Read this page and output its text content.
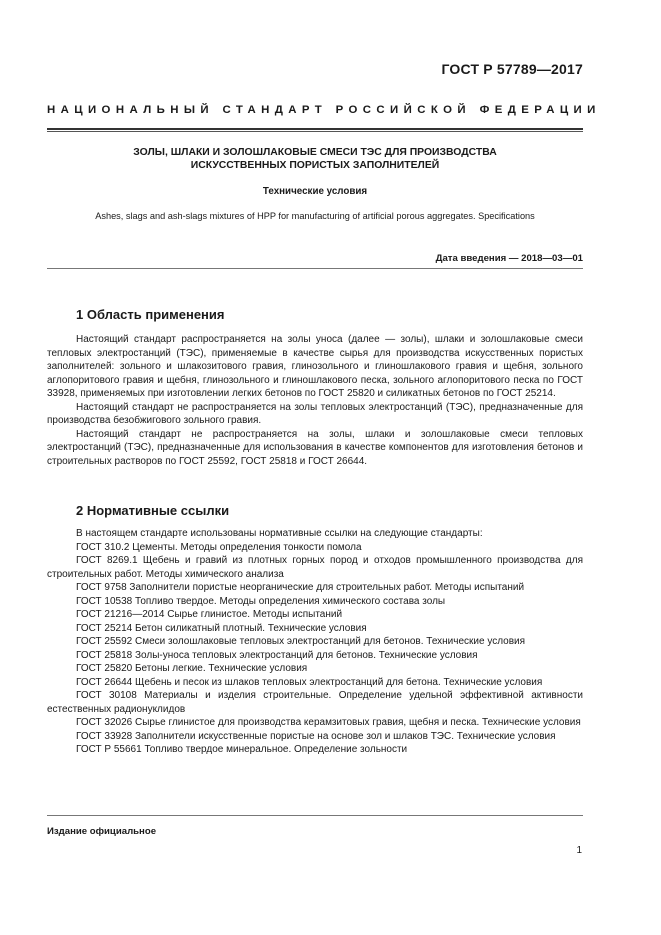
ГОСТ Р 57789—2017
НАЦИОНАЛЬНЫЙ СТАНДАРТ РОССИЙСКОЙ ФЕДЕРАЦИИ
ЗОЛЫ, ШЛАКИ И ЗОЛОШЛАКОВЫЕ СМЕСИ ТЭС ДЛЯ ПРОИЗВОДСТВА
ИСКУССТВЕННЫХ ПОРИСТЫХ ЗАПОЛНИТЕЛЕЙ
Технические условия
Ashes, slags and ash-slags mixtures of HPP for manufacturing of artificial porous aggregates. Specifications
Дата введения — 2018—03—01
1 Область применения

Настоящий стандарт распространяется на золы уноса (далее — золы), шлаки и золошлаковые смеси тепловых электростанций (ТЭС), применяемые в качестве сырья для производства искусственных пористых заполнителей: зольного и шлакозитового гравия, глинозольного и глиношлакового гравия и щебня, зольного аглопоритового гравия и щебня, глинозольного и глиношлакового песка, зольного аглопоритового песка по ГОСТ 33928, применяемых при изготовлении легких бетонов по ГОСТ 25820 и силикатных бетонов по ГОСТ 25214.

Настоящий стандарт не распространяется на золы тепловых электростанций (ТЭС), предназначенные для производства безобжигового зольного гравия.

Настоящий стандарт не распространяется на золы, шлаки и золошлаковые смеси тепловых электростанций (ТЭС), предназначенные для использования в качестве компонентов для изготовления бетонов и строительных растворов по ГОСТ 25592, ГОСТ 25818 и ГОСТ 26644.

2 Нормативные ссылки

В настоящем стандарте использованы нормативные ссылки на следующие стандарты:

ГОСТ 310.2 Цементы. Методы определения тонкости помола

ГОСТ 8269.1 Щебень и гравий из плотных горных пород и отходов промышленного производства для строительных работ. Методы химического анализа

ГОСТ 9758 Заполнители пористые неорганические для строительных работ. Методы испытаний

ГОСТ 10538 Топливо твердое. Методы определения химического состава золы

ГОСТ 21216—2014 Сырье глинистое. Методы испытаний

ГОСТ 25214 Бетон силикатный плотный. Технические условия

ГОСТ 25592 Смеси золошлаковые тепловых электростанций для бетонов. Технические условия

ГОСТ 25818 Золы-уноса тепловых электростанций для бетонов. Технические условия

ГОСТ 25820 Бетоны легкие. Технические условия

ГОСТ 26644 Щебень и песок из шлаков тепловых электростанций для бетона. Технические условия

ГОСТ 30108 Материалы и изделия строительные. Определение удельной эффективной активности естественных радионуклидов

ГОСТ 32026 Сырье глинистое для производства керамзитовых гравия, щебня и песка. Технические условия

ГОСТ 33928 Заполнители искусственные пористые на основе зол и шлаков ТЭС. Технические условия

ГОСТ Р 55661 Топливо твердое минеральное. Определение зольности

Издание официальное
1
